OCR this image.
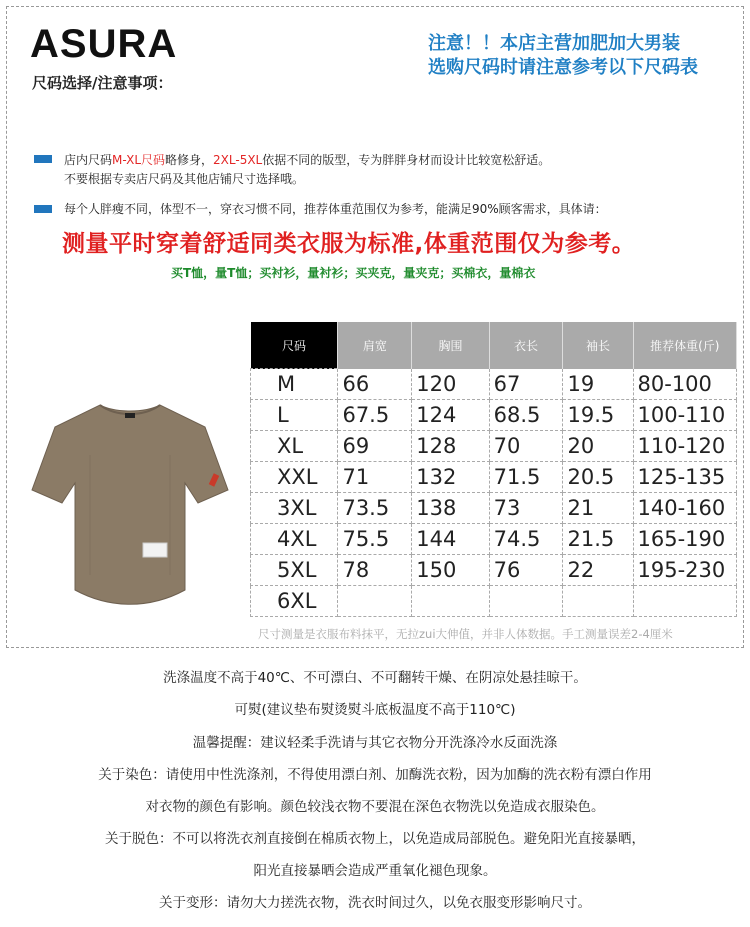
ASURA
尺码选择/注意事项：
注意！！本店主营加肥加大男装
选购尺码时请注意参考以下尺码表
店内尺码M-XL尺码略修身，2XL-5XL依据不同的版型，专为胖胖身材而设计比较宽松舒适。
不要根据专卖店尺码及其他店铺尺寸选择哦。
每个人胖瘦不同，体型不一，穿衣习惯不同，推荐体重范围仅为参考，能满足90%顾客需求，具体请：
测量平时穿着舒适同类衣服为标准,体重范围仅为参考。
买T恤，量T恤；买衬衫，量衬衫；买夹克，量夹克；买棉衣，量棉衣
尺码	肩宽	胸围	衣长	袖长	推荐体重(斤)
M	66	120	67	19	80-100
L	67.5	124	68.5	19.5	100-110
XL	69	128	70	20	110-120
XXL	71	132	71.5	20.5	125-135
3XL	73.5	138	73	21	140-160
4XL	75.5	144	74.5	21.5	165-190
5XL	78	150	76	22	195-230
6XL					
尺寸测量是衣服布料抹平，无拉zui大伸值，并非人体数据。手工测量误差2-4厘米
洗涤温度不高于40℃、不可漂白、不可翻转干燥、在阴凉处悬挂晾干。
可熨(建议垫布熨烫熨斗底板温度不高于110℃)
温馨提醒：建议轻柔手洗请与其它衣物分开洗涤冷水反面洗涤
关于染色：请使用中性洗涤剂，不得使用漂白剂、加酶洗衣粉，因为加酶的洗衣粉有漂白作用
对衣物的颜色有影响。颜色较浅衣物不要混在深色衣物洗以免造成衣服染色。
关于脱色：不可以将洗衣剂直接倒在棉质衣物上，以免造成局部脱色。避免阳光直接暴晒，
阳光直接暴晒会造成严重氧化褪色现象。
关于变形：请勿大力搓洗衣物，洗衣时间过久，以免衣服变形影响尺寸。
